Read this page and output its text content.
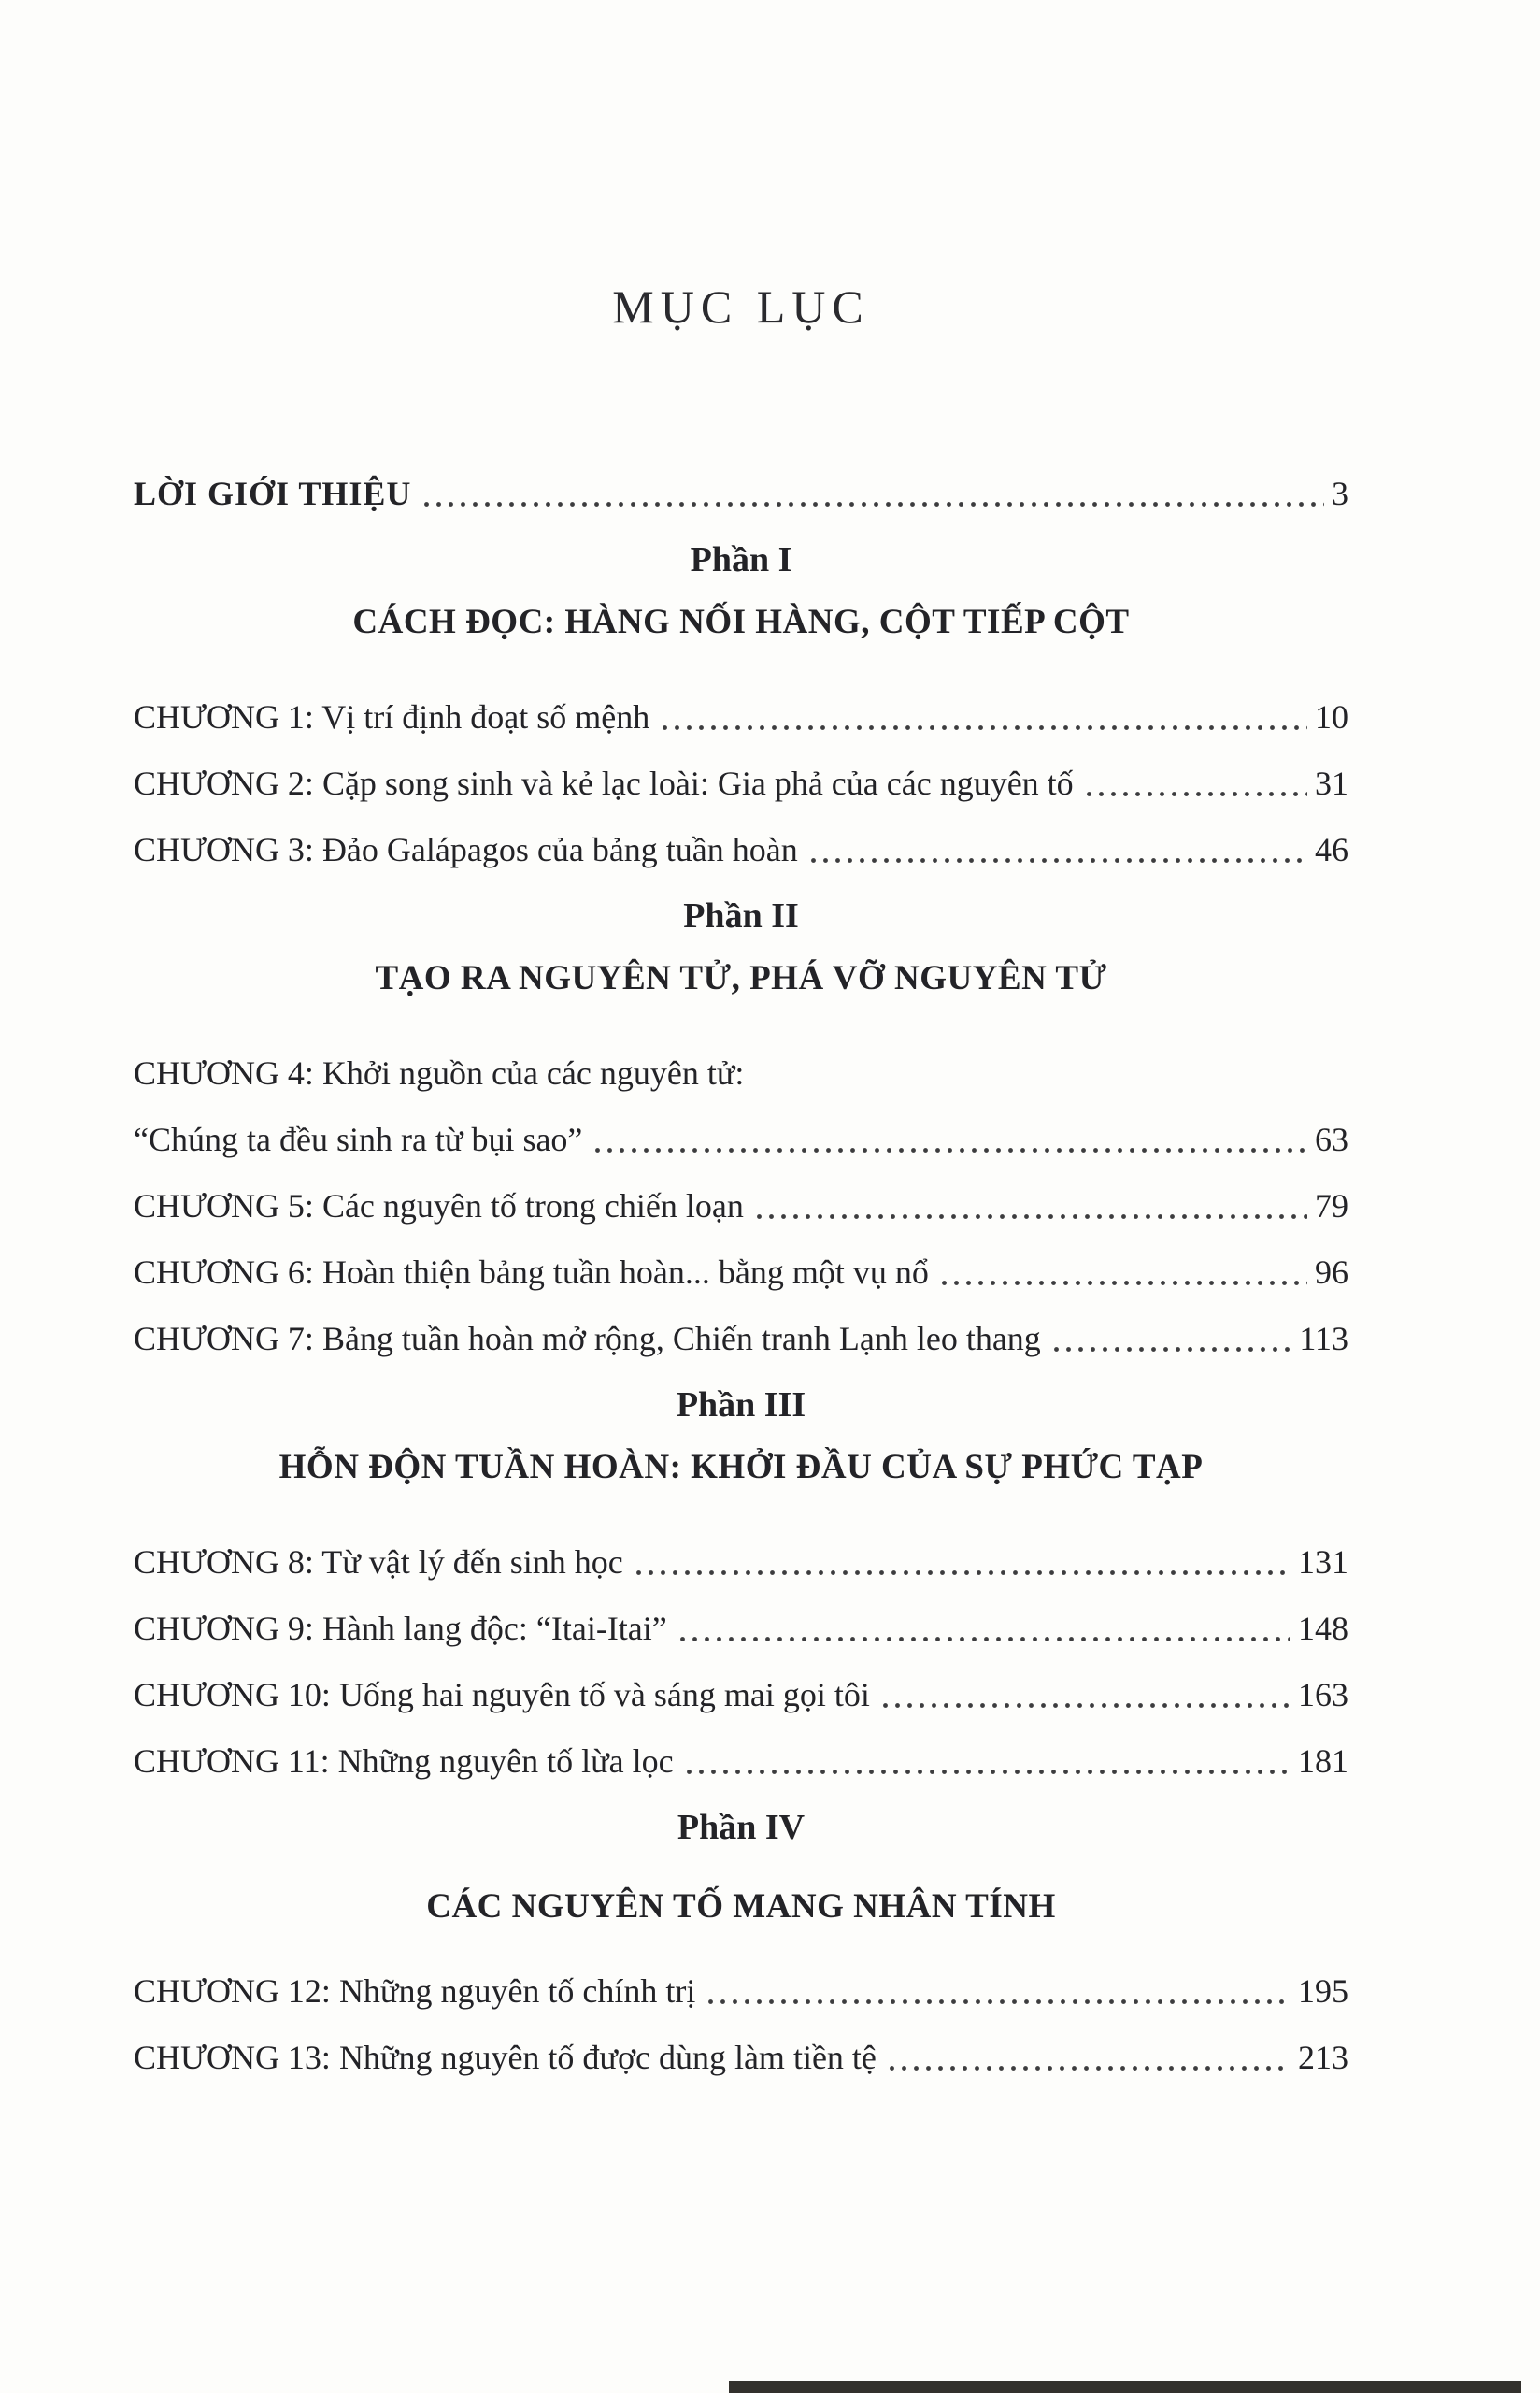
MỤC LỤC
LỜI GIỚI THIỆU	3
Phần I
CÁCH ĐỌC: HÀNG NỐI HÀNG, CỘT TIẾP CỘT
CHƯƠNG 1: Vị trí định đoạt số mệnh	10
CHƯƠNG 2: Cặp song sinh và kẻ lạc loài: Gia phả của các nguyên tố	31
CHƯƠNG 3: Đảo Galápagos của bảng tuần hoàn	46
Phần II
TẠO RA NGUYÊN TỬ, PHÁ VỠ NGUYÊN TỬ
CHƯƠNG 4: Khởi nguồn của các nguyên tử:
“Chúng ta đều sinh ra từ bụi sao”	63
CHƯƠNG 5: Các nguyên tố trong chiến loạn	79
CHƯƠNG 6: Hoàn thiện bảng tuần hoàn... bằng một vụ nổ	96
CHƯƠNG 7: Bảng tuần hoàn mở rộng, Chiến tranh Lạnh leo thang	113
Phần III
HỖN ĐỘN TUẦN HOÀN: KHỞI ĐẦU CỦA SỰ PHỨC TẠP
CHƯƠNG 8: Từ vật lý đến sinh học	131
CHƯƠNG 9: Hành lang độc: “Itai-Itai”	148
CHƯƠNG 10: Uống hai nguyên tố và sáng mai gọi tôi	163
CHƯƠNG 11: Những nguyên tố lừa lọc	181
Phần IV
CÁC NGUYÊN TỐ MANG NHÂN TÍNH
CHƯƠNG 12: Những nguyên tố chính trị	195
CHƯƠNG 13: Những nguyên tố được dùng làm tiền tệ	213
